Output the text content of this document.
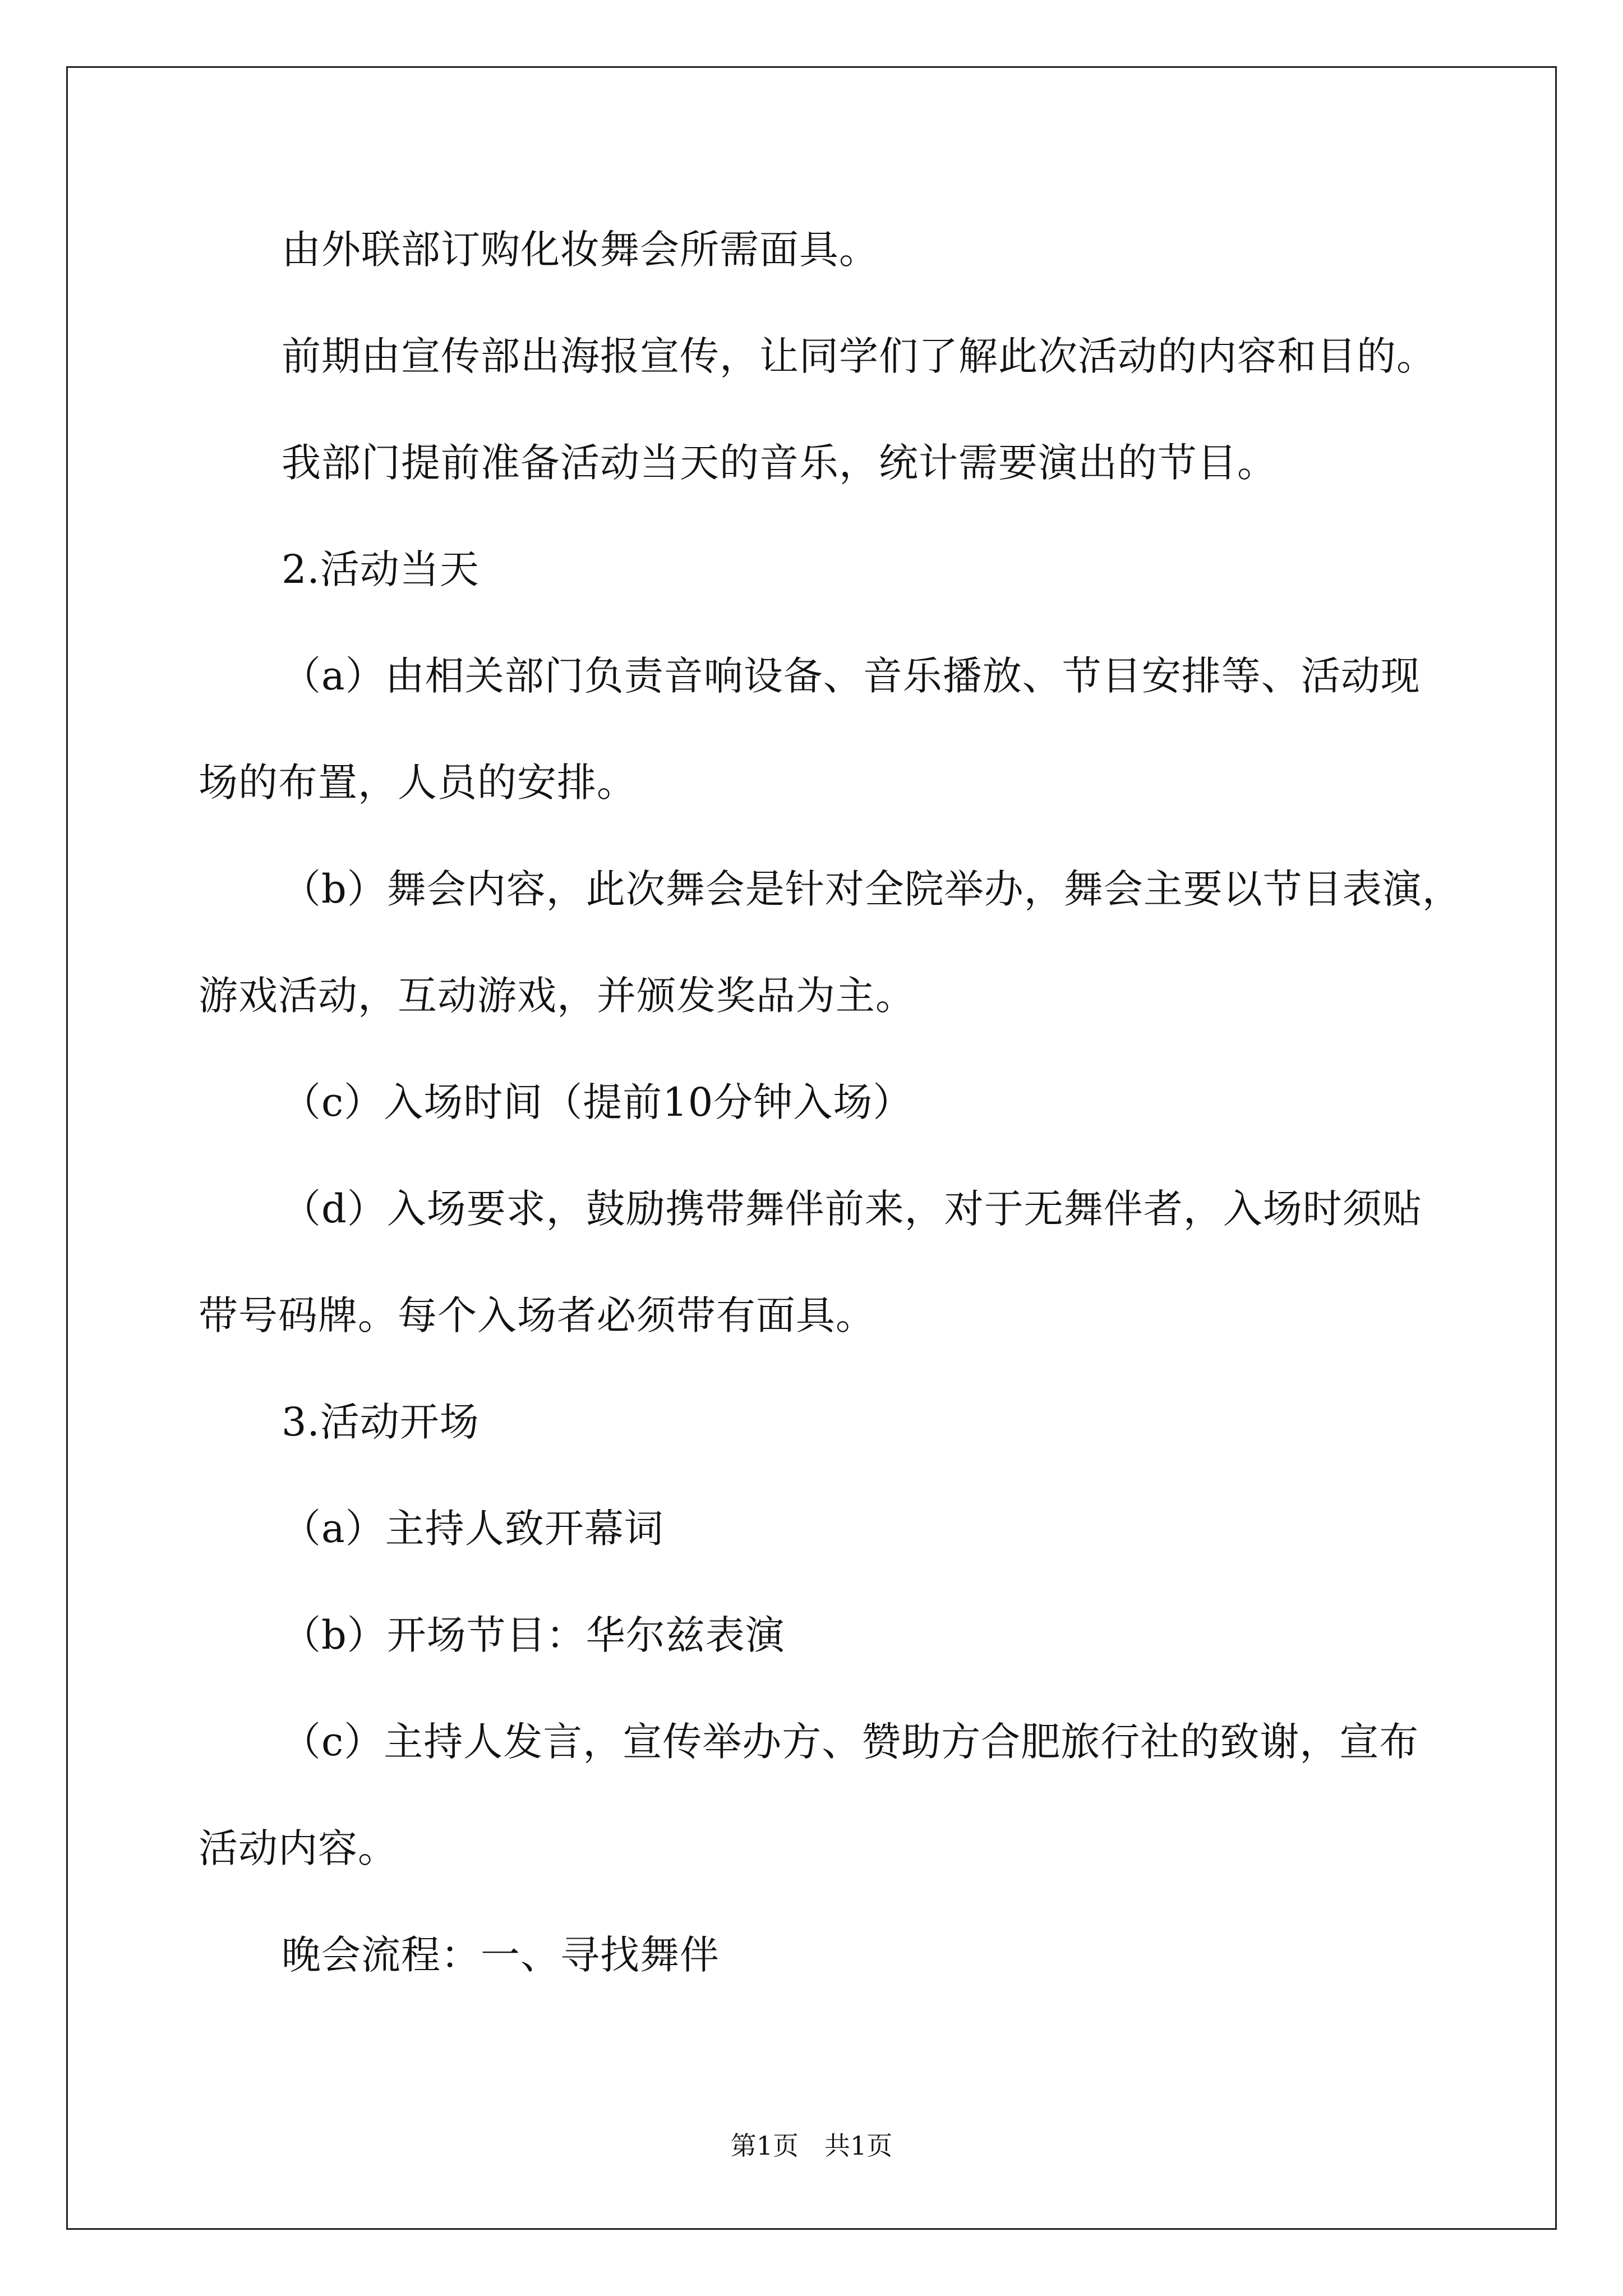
由外联部订购化妆舞会所需面具。

前期由宣传部出海报宣传，让同学们了解此次活动的内容和目的。

我部门提前准备活动当天的音乐，统计需要演出的节目。

2.活动当天

（a）由相关部门负责音响设备、音乐播放、节目安排等、活动现

场的布置，人员的安排。

（b）舞会内容，此次舞会是针对全院举办，舞会主要以节目表演，

游戏活动，互动游戏，并颁发奖品为主。

（c）入场时间（提前10分钟入场）

（d）入场要求，鼓励携带舞伴前来，对于无舞伴者，入场时须贴

带号码牌。每个入场者必须带有面具。

3.活动开场

（a）主持人致开幕词

（b）开场节目：华尔兹表演

（c）主持人发言，宣传举办方、赞助方合肥旅行社的致谢，宣布

活动内容。

晚会流程：一、寻找舞伴

第1页　共1页
